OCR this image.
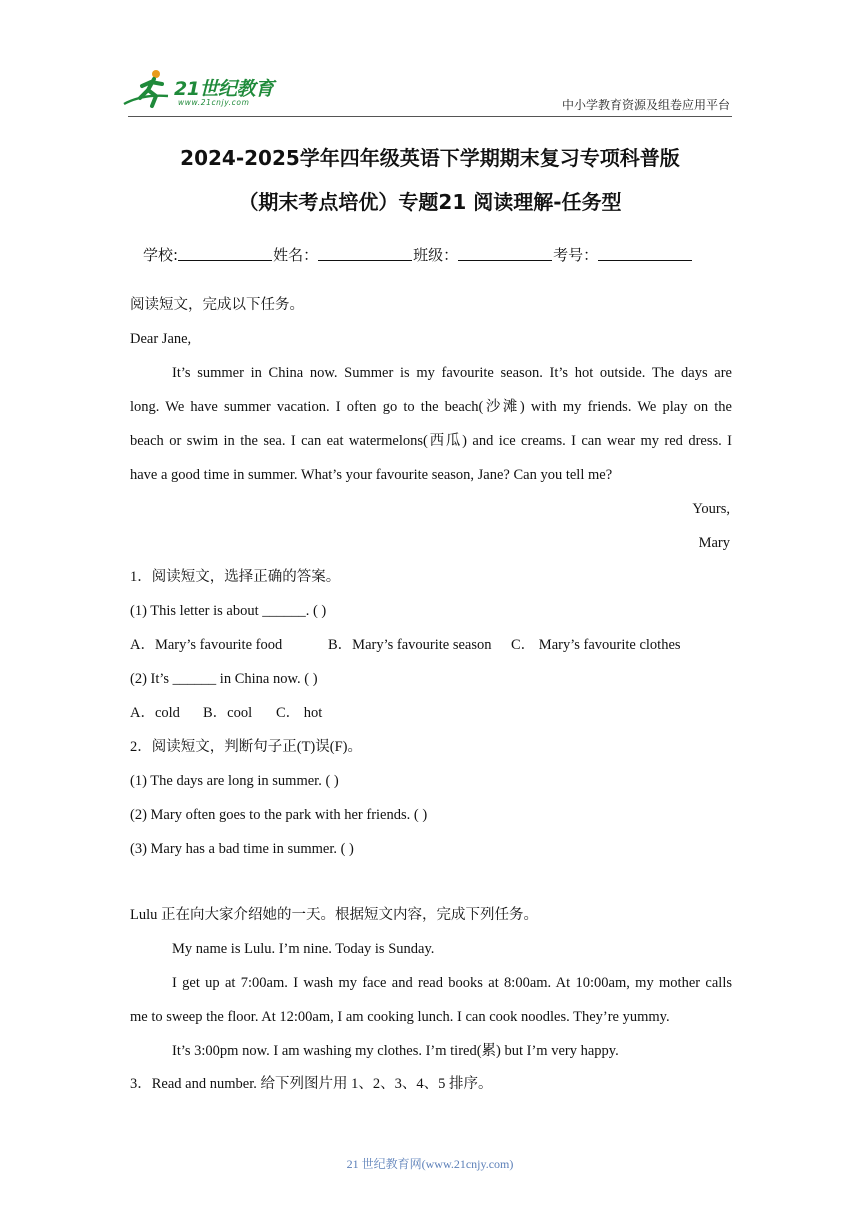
21世纪教育
www.21cnjy.com	中小学教育资源及组卷应用平台
2024-2025学年四年级英语下学期期末复习专项科普版
（期末考点培优）专题21 阅读理解-任务型
学校:	姓名：	班级：	考号：
阅读短文，完成以下任务。
Dear Jane,
It’s summer in China now. Summer is my favourite season. It’s hot outside. The days are
long. We have summer vacation. I often go to the beach(沙滩) with my friends. We play on the
beach or swim in the sea. I can eat watermelons(西瓜) and ice creams. I can wear my red dress. I
have a good time in summer. What’s your favourite season, Jane? Can you tell me?
Yours,
Mary
1．阅读短文，选择正确的答案。
(1) This letter is about ______. ( )
A．Mary’s favourite food	B．Mary’s favourite season C． Mary’s favourite clothes
(2) It’s ______ in China now. ( )
A．cold B．cool C． hot
2．阅读短文，判断句子正(T)误(F)。
(1) The days are long in summer. ( )
(2) Mary often goes to the park with her friends. ( )
(3) Mary has a bad time in summer. ( )
Lulu 正在向大家介绍她的一天。根据短文内容，完成下列任务。
My name is Lulu. I’m nine. Today is Sunday.
I get up at 7:00am. I wash my face and read books at 8:00am. At 10:00am, my mother calls
me to sweep the floor. At 12:00am, I am cooking lunch. I can cook noodles. They’re yummy.
It’s 3:00pm now. I am washing my clothes. I’m tired(累) but I’m very happy.
3．Read and number. 给下列图片用 1、2、3、4、5 排序。
21 世纪教育网(www.21cnjy.com)
